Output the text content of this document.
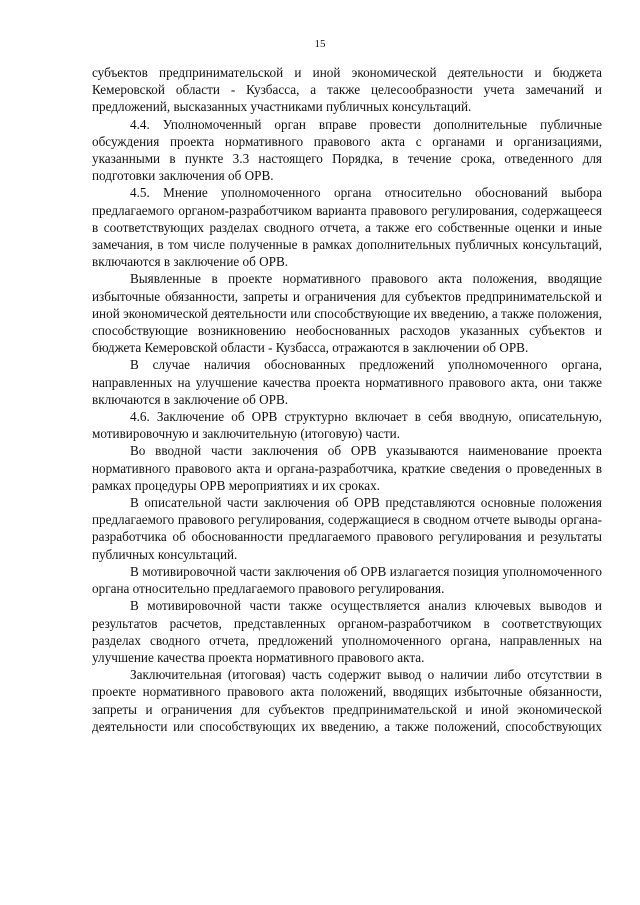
15

субъектов предпринимательской и иной экономической деятельности и бюджета Кемеровской области - Кузбасса, а также целесообразности учета замечаний и предложений, высказанных участниками публичных консультаций.

4.4. Уполномоченный орган вправе провести дополнительные публичные обсуждения проекта нормативного правового акта с органами и организациями, указанными в пункте 3.3 настоящего Порядка, в течение срока, отведенного для подготовки заключения об ОРВ.

4.5. Мнение уполномоченного органа относительно обоснований выбора предлагаемого органом-разработчиком варианта правового регулирования, содержащееся в соответствующих разделах сводного отчета, а также его собственные оценки и иные замечания, в том числе полученные в рамках дополнительных публичных консультаций, включаются в заключение об ОРВ.

Выявленные в проекте нормативного правового акта положения, вводящие избыточные обязанности, запреты и ограничения для субъектов предпринимательской и иной экономической деятельности или способствующие их введению, а также положения, способствующие возникновению необоснованных расходов указанных субъектов и бюджета Кемеровской области - Кузбасса, отражаются в заключении об ОРВ.

В случае наличия обоснованных предложений уполномоченного органа, направленных на улучшение качества проекта нормативного правового акта, они также включаются в заключение об ОРВ.

4.6. Заключение об ОРВ структурно включает в себя вводную, описательную, мотивировочную и заключительную (итоговую) части.

Во вводной части заключения об ОРВ указываются наименование проекта нормативного правового акта и органа-разработчика, краткие сведения о проведенных в рамках процедуры ОРВ мероприятиях и их сроках.

В описательной части заключения об ОРВ представляются основные положения предлагаемого правового регулирования, содержащиеся в сводном отчете выводы органа-разработчика об обоснованности предлагаемого правового регулирования и результаты публичных консультаций.

В мотивировочной части заключения об ОРВ излагается позиция уполномоченного органа относительно предлагаемого правового регулирования.

В мотивировочной части также осуществляется анализ ключевых выводов и результатов расчетов, представленных органом-разработчиком в соответствующих разделах сводного отчета, предложений уполномоченного органа, направленных на улучшение качества проекта нормативного правового акта.

Заключительная (итоговая) часть содержит вывод о наличии либо отсутствии в проекте нормативного правового акта положений, вводящих избыточные обязанности, запреты и ограничения для субъектов предпринимательской и иной экономической деятельности или способствующих их введению, а также положений, способствующих
